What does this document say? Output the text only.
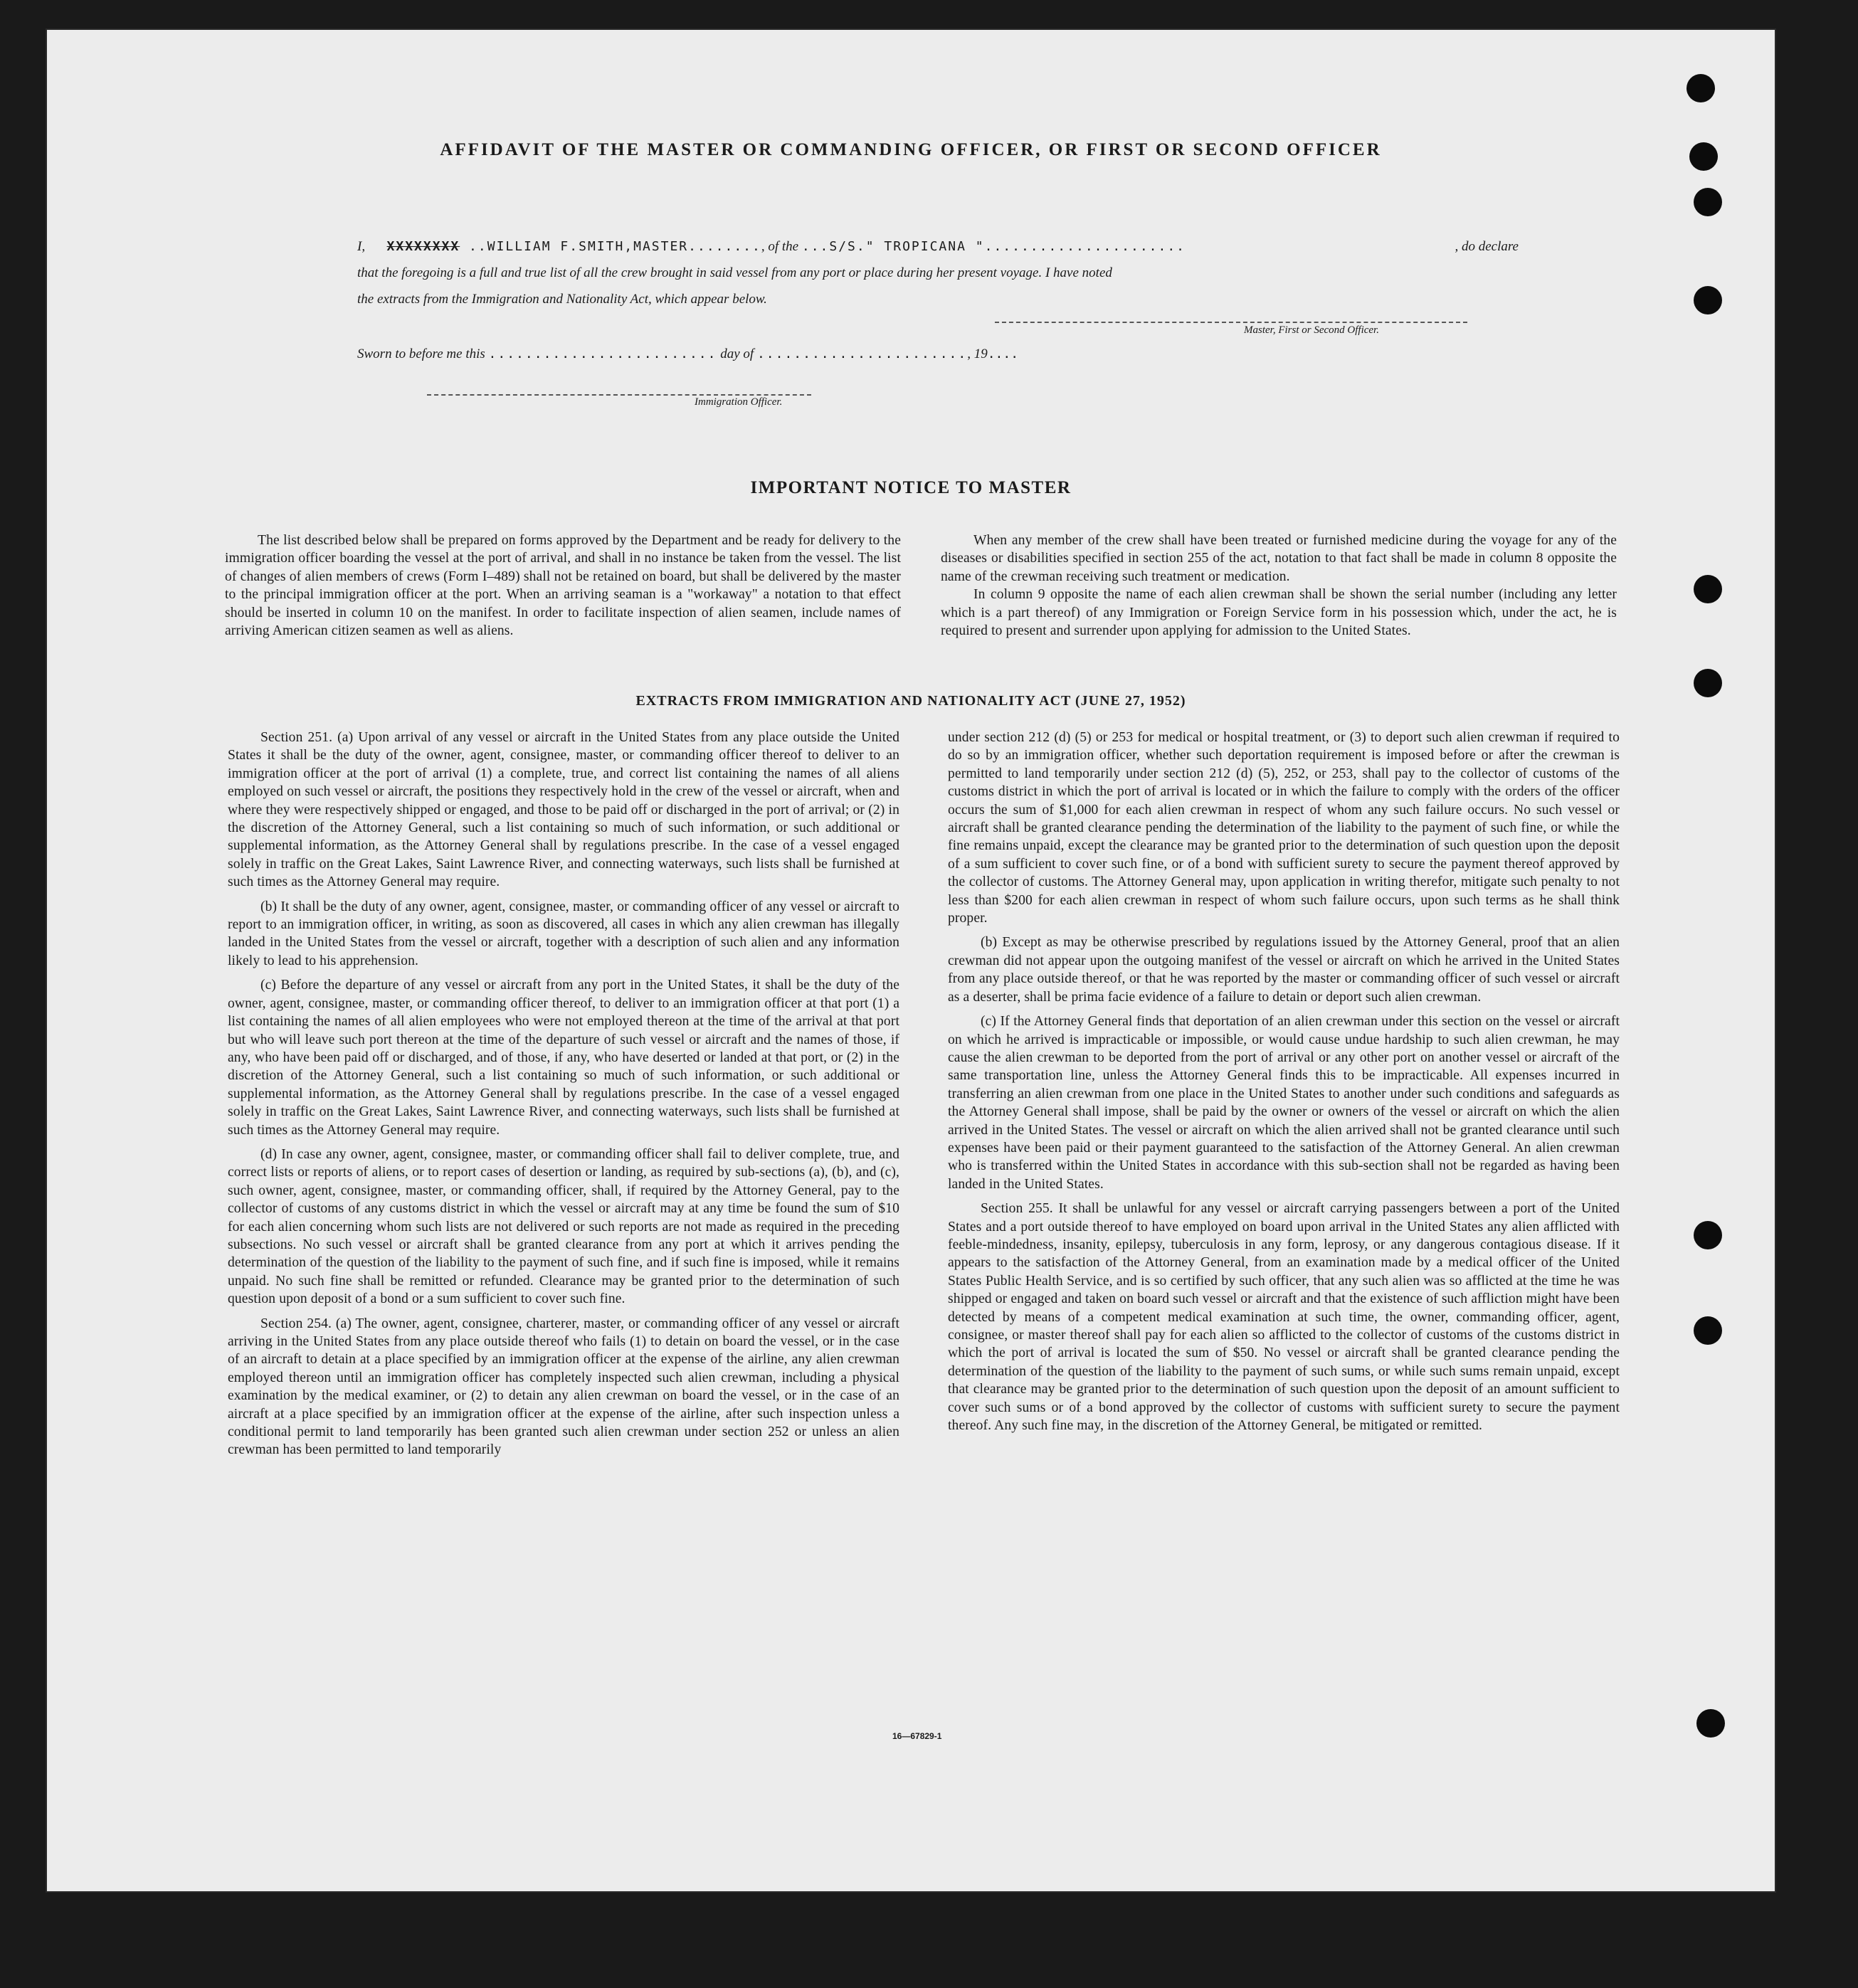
AFFIDAVIT OF THE MASTER OR COMMANDING OFFICER, OR FIRST OR SECOND OFFICER
I, XXXXXXXX ..WILLIAM F.SMITH,MASTER........, of the ...S/S." TROPICANA "......................	, do declare
that the foregoing is a full and true list of all the crew brought in said vessel from any port or place during her present voyage. I have noted
the extracts from the Immigration and Nationality Act, which appear below.
Master, First or Second Officer.
Sworn to before me this ......................... day of ......................., 19....
Immigration Officer.
IMPORTANT NOTICE TO MASTER

The list described below shall be prepared on forms approved by the Department and be ready for delivery to the immigration officer boarding the vessel at the port of arrival, and shall in no instance be taken from the vessel. The list of changes of alien members of crews (Form I–489) shall not be retained on board, but shall be delivered by the master to the principal immigration officer at the port. When an arriving seaman is a "workaway" a notation to that effect should be inserted in column 10 on the manifest. In order to facilitate inspection of alien seamen, include names of arriving American citizen seamen as well as aliens.

When any member of the crew shall have been treated or furnished medicine during the voyage for any of the diseases or disabilities specified in section 255 of the act, notation to that fact shall be made in column 8 opposite the name of the crewman receiving such treatment or medication.

In column 9 opposite the name of each alien crewman shall be shown the serial number (including any letter which is a part thereof) of any Immigration or Foreign Service form in his possession which, under the act, he is required to present and surrender upon applying for admission to the United States.

EXTRACTS FROM IMMIGRATION AND NATIONALITY ACT (JUNE 27, 1952)

Section 251. (a) Upon arrival of any vessel or aircraft in the United States from any place outside the United States it shall be the duty of the owner, agent, consignee, master, or commanding officer thereof to deliver to an immigration officer at the port of arrival (1) a complete, true, and correct list containing the names of all aliens employed on such vessel or aircraft, the positions they respectively hold in the crew of the vessel or aircraft, when and where they were respectively shipped or engaged, and those to be paid off or discharged in the port of arrival; or (2) in the discretion of the Attorney General, such a list containing so much of such information, or such additional or supplemental information, as the Attorney General shall by regulations prescribe. In the case of a vessel engaged solely in traffic on the Great Lakes, Saint Lawrence River, and connecting waterways, such lists shall be furnished at such times as the Attorney General may require.

(b) It shall be the duty of any owner, agent, consignee, master, or commanding officer of any vessel or aircraft to report to an immigration officer, in writing, as soon as discovered, all cases in which any alien crewman has illegally landed in the United States from the vessel or aircraft, together with a description of such alien and any information likely to lead to his apprehension.

(c) Before the departure of any vessel or aircraft from any port in the United States, it shall be the duty of the owner, agent, consignee, master, or commanding officer thereof, to deliver to an immigration officer at that port (1) a list containing the names of all alien employees who were not employed thereon at the time of the arrival at that port but who will leave such port thereon at the time of the departure of such vessel or aircraft and the names of those, if any, who have been paid off or discharged, and of those, if any, who have deserted or landed at that port, or (2) in the discretion of the Attorney General, such a list containing so much of such information, or such additional or supplemental information, as the Attorney General shall by regulations prescribe. In the case of a vessel engaged solely in traffic on the Great Lakes, Saint Lawrence River, and connecting waterways, such lists shall be furnished at such times as the Attorney General may require.

(d) In case any owner, agent, consignee, master, or commanding officer shall fail to deliver complete, true, and correct lists or reports of aliens, or to report cases of desertion or landing, as required by sub-sections (a), (b), and (c), such owner, agent, consignee, master, or commanding officer, shall, if required by the Attorney General, pay to the collector of customs of any customs district in which the vessel or aircraft may at any time be found the sum of $10 for each alien concerning whom such lists are not delivered or such reports are not made as required in the preceding subsections. No such vessel or aircraft shall be granted clearance from any port at which it arrives pending the determination of the question of the liability to the payment of such fine, and if such fine is imposed, while it remains unpaid. No such fine shall be remitted or refunded. Clearance may be granted prior to the determination of such question upon deposit of a bond or a sum sufficient to cover such fine.

Section 254. (a) The owner, agent, consignee, charterer, master, or commanding officer of any vessel or aircraft arriving in the United States from any place outside thereof who fails (1) to detain on board the vessel, or in the case of an aircraft to detain at a place specified by an immigration officer at the expense of the airline, any alien crewman employed thereon until an immigration officer has completely inspected such alien crewman, including a physical examination by the medical examiner, or (2) to detain any alien crewman on board the vessel, or in the case of an aircraft at a place specified by an immigration officer at the expense of the airline, after such inspection unless a conditional permit to land temporarily has been granted such alien crewman under section 252 or unless an alien crewman has been permitted to land temporarily

under section 212 (d) (5) or 253 for medical or hospital treatment, or (3) to deport such alien crewman if required to do so by an immigration officer, whether such deportation requirement is imposed before or after the crewman is permitted to land temporarily under section 212 (d) (5), 252, or 253, shall pay to the collector of customs of the customs district in which the port of arrival is located or in which the failure to comply with the orders of the officer occurs the sum of $1,000 for each alien crewman in respect of whom any such failure occurs. No such vessel or aircraft shall be granted clearance pending the determination of the liability to the payment of such fine, or while the fine remains unpaid, except the clearance may be granted prior to the determination of such question upon the deposit of a sum sufficient to cover such fine, or of a bond with sufficient surety to secure the payment thereof approved by the collector of customs. The Attorney General may, upon application in writing therefor, mitigate such penalty to not less than $200 for each alien crewman in respect of whom such failure occurs, upon such terms as he shall think proper.

(b) Except as may be otherwise prescribed by regulations issued by the Attorney General, proof that an alien crewman did not appear upon the outgoing manifest of the vessel or aircraft on which he arrived in the United States from any place outside thereof, or that he was reported by the master or commanding officer of such vessel or aircraft as a deserter, shall be prima facie evidence of a failure to detain or deport such alien crewman.

(c) If the Attorney General finds that deportation of an alien crewman under this section on the vessel or aircraft on which he arrived is impracticable or impossible, or would cause undue hardship to such alien crewman, he may cause the alien crewman to be deported from the port of arrival or any other port on another vessel or aircraft of the same transportation line, unless the Attorney General finds this to be impracticable. All expenses incurred in transferring an alien crewman from one place in the United States to another under such conditions and safeguards as the Attorney General shall impose, shall be paid by the owner or owners of the vessel or aircraft on which the alien arrived in the United States. The vessel or aircraft on which the alien arrived shall not be granted clearance until such expenses have been paid or their payment guaranteed to the satisfaction of the Attorney General. An alien crewman who is transferred within the United States in accordance with this sub-section shall not be regarded as having been landed in the United States.

Section 255. It shall be unlawful for any vessel or aircraft carrying passengers between a port of the United States and a port outside thereof to have employed on board upon arrival in the United States any alien afflicted with feeble-mindedness, insanity, epilepsy, tuberculosis in any form, leprosy, or any dangerous contagious disease. If it appears to the satisfaction of the Attorney General, from an examination made by a medical officer of the United States Public Health Service, and is so certified by such officer, that any such alien was so afflicted at the time he was shipped or engaged and taken on board such vessel or aircraft and that the existence of such affliction might have been detected by means of a competent medical examination at such time, the owner, commanding officer, agent, consignee, or master thereof shall pay for each alien so afflicted to the collector of customs of the customs district in which the port of arrival is located the sum of $50. No vessel or aircraft shall be granted clearance pending the determination of the question of the liability to the payment of such sums, or while such sums remain unpaid, except that clearance may be granted prior to the determination of such question upon the deposit of an amount sufficient to cover such sums or of a bond approved by the collector of customs with sufficient surety to secure the payment thereof. Any such fine may, in the discretion of the Attorney General, be mitigated or remitted.

16—67829-1
